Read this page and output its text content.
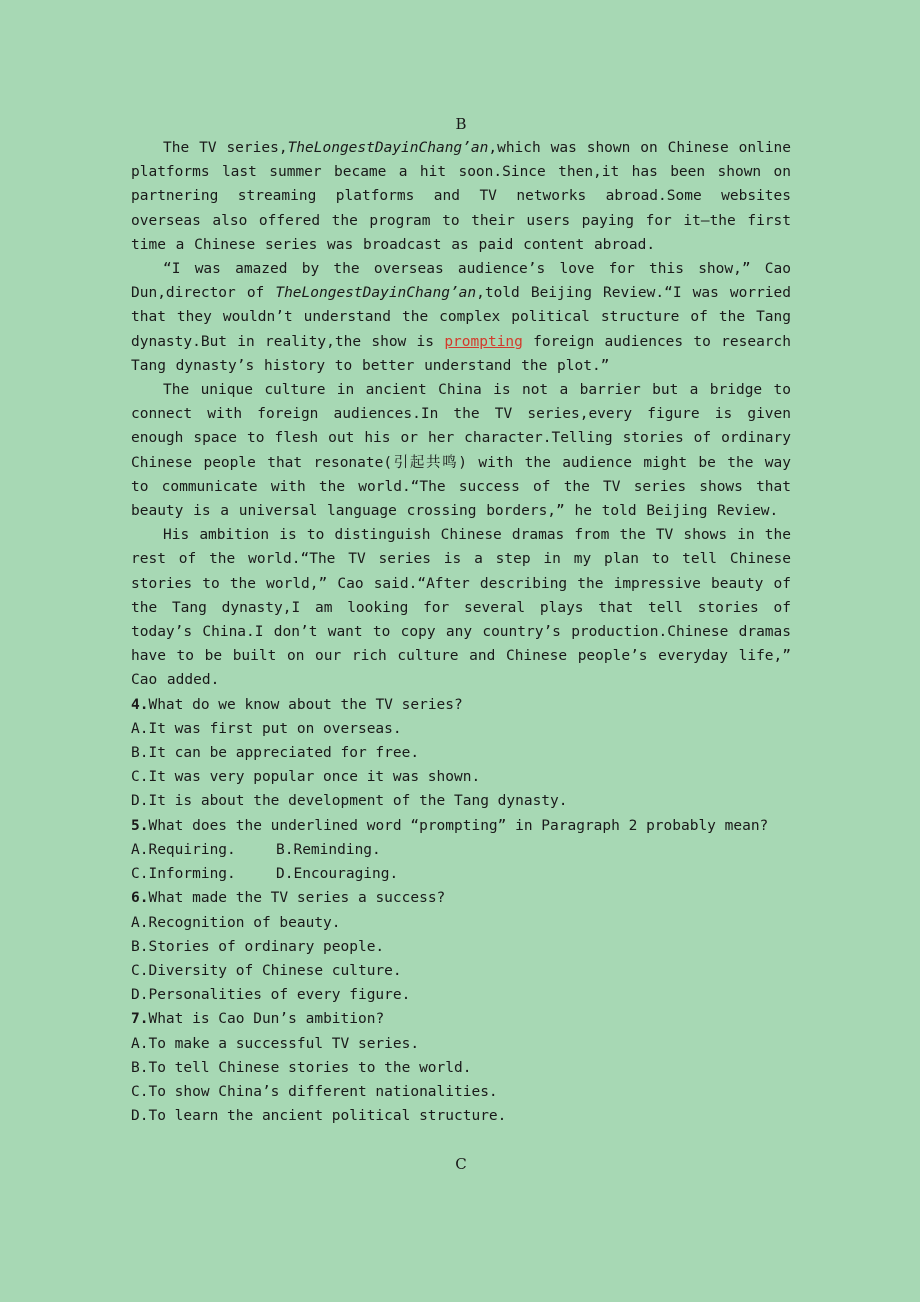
B

The TV series,TheLongestDayinChang’an,which was shown on Chinese online platforms last summer became a hit soon.Since then,it has been shown on partnering streaming platforms and TV networks abroad.Some websites overseas also offered the program to their users paying for it—the first time a Chinese series was broadcast as paid content abroad.

“I was amazed by the overseas audience’s love for this show,” Cao Dun,director of TheLongestDayinChang’an,told Beijing Review.“I was worried that they wouldn’t understand the complex political structure of the Tang dynasty.But in reality,the show is prompting foreign audiences to research Tang dynasty’s history to better understand the plot.”

The unique culture in ancient China is not a barrier but a bridge to connect with foreign audiences.In the TV series,every figure is given enough space to flesh out his or her character.Telling stories of ordinary Chinese people that resonate(引起共鸣) with the audience might be the way to communicate with the world.“The success of the TV series shows that beauty is a universal language crossing borders,” he told Beijing Review.

His ambition is to distinguish Chinese dramas from the TV shows in the rest of the world.“The TV series is a step in my plan to tell Chinese stories to the world,” Cao said.“After describing the impressive beauty of the Tang dynasty,I am looking for several plays that tell stories of today’s China.I don’t want to copy any country’s production.Chinese dramas have to be built on our rich culture and Chinese people’s everyday life,” Cao added.

4.What do we know about the TV series?

A.It was first put on overseas.

B.It can be appreciated for free.

C.It was very popular once it was shown.

D.It is about the development of the Tang dynasty.

5.What does the underlined word “prompting” in Paragraph 2 probably mean?

A.Requiring.	B.Reminding.
C.Informing.	D.Encouraging.

6.What made the TV series a success?

A.Recognition of beauty.

B.Stories of ordinary people.

C.Diversity of Chinese culture.

D.Personalities of every figure.

7.What is Cao Dun’s ambition?

A.To make a successful TV series.

B.To tell Chinese stories to the world.

C.To show China’s different nationalities.

D.To learn the ancient political structure.

C
